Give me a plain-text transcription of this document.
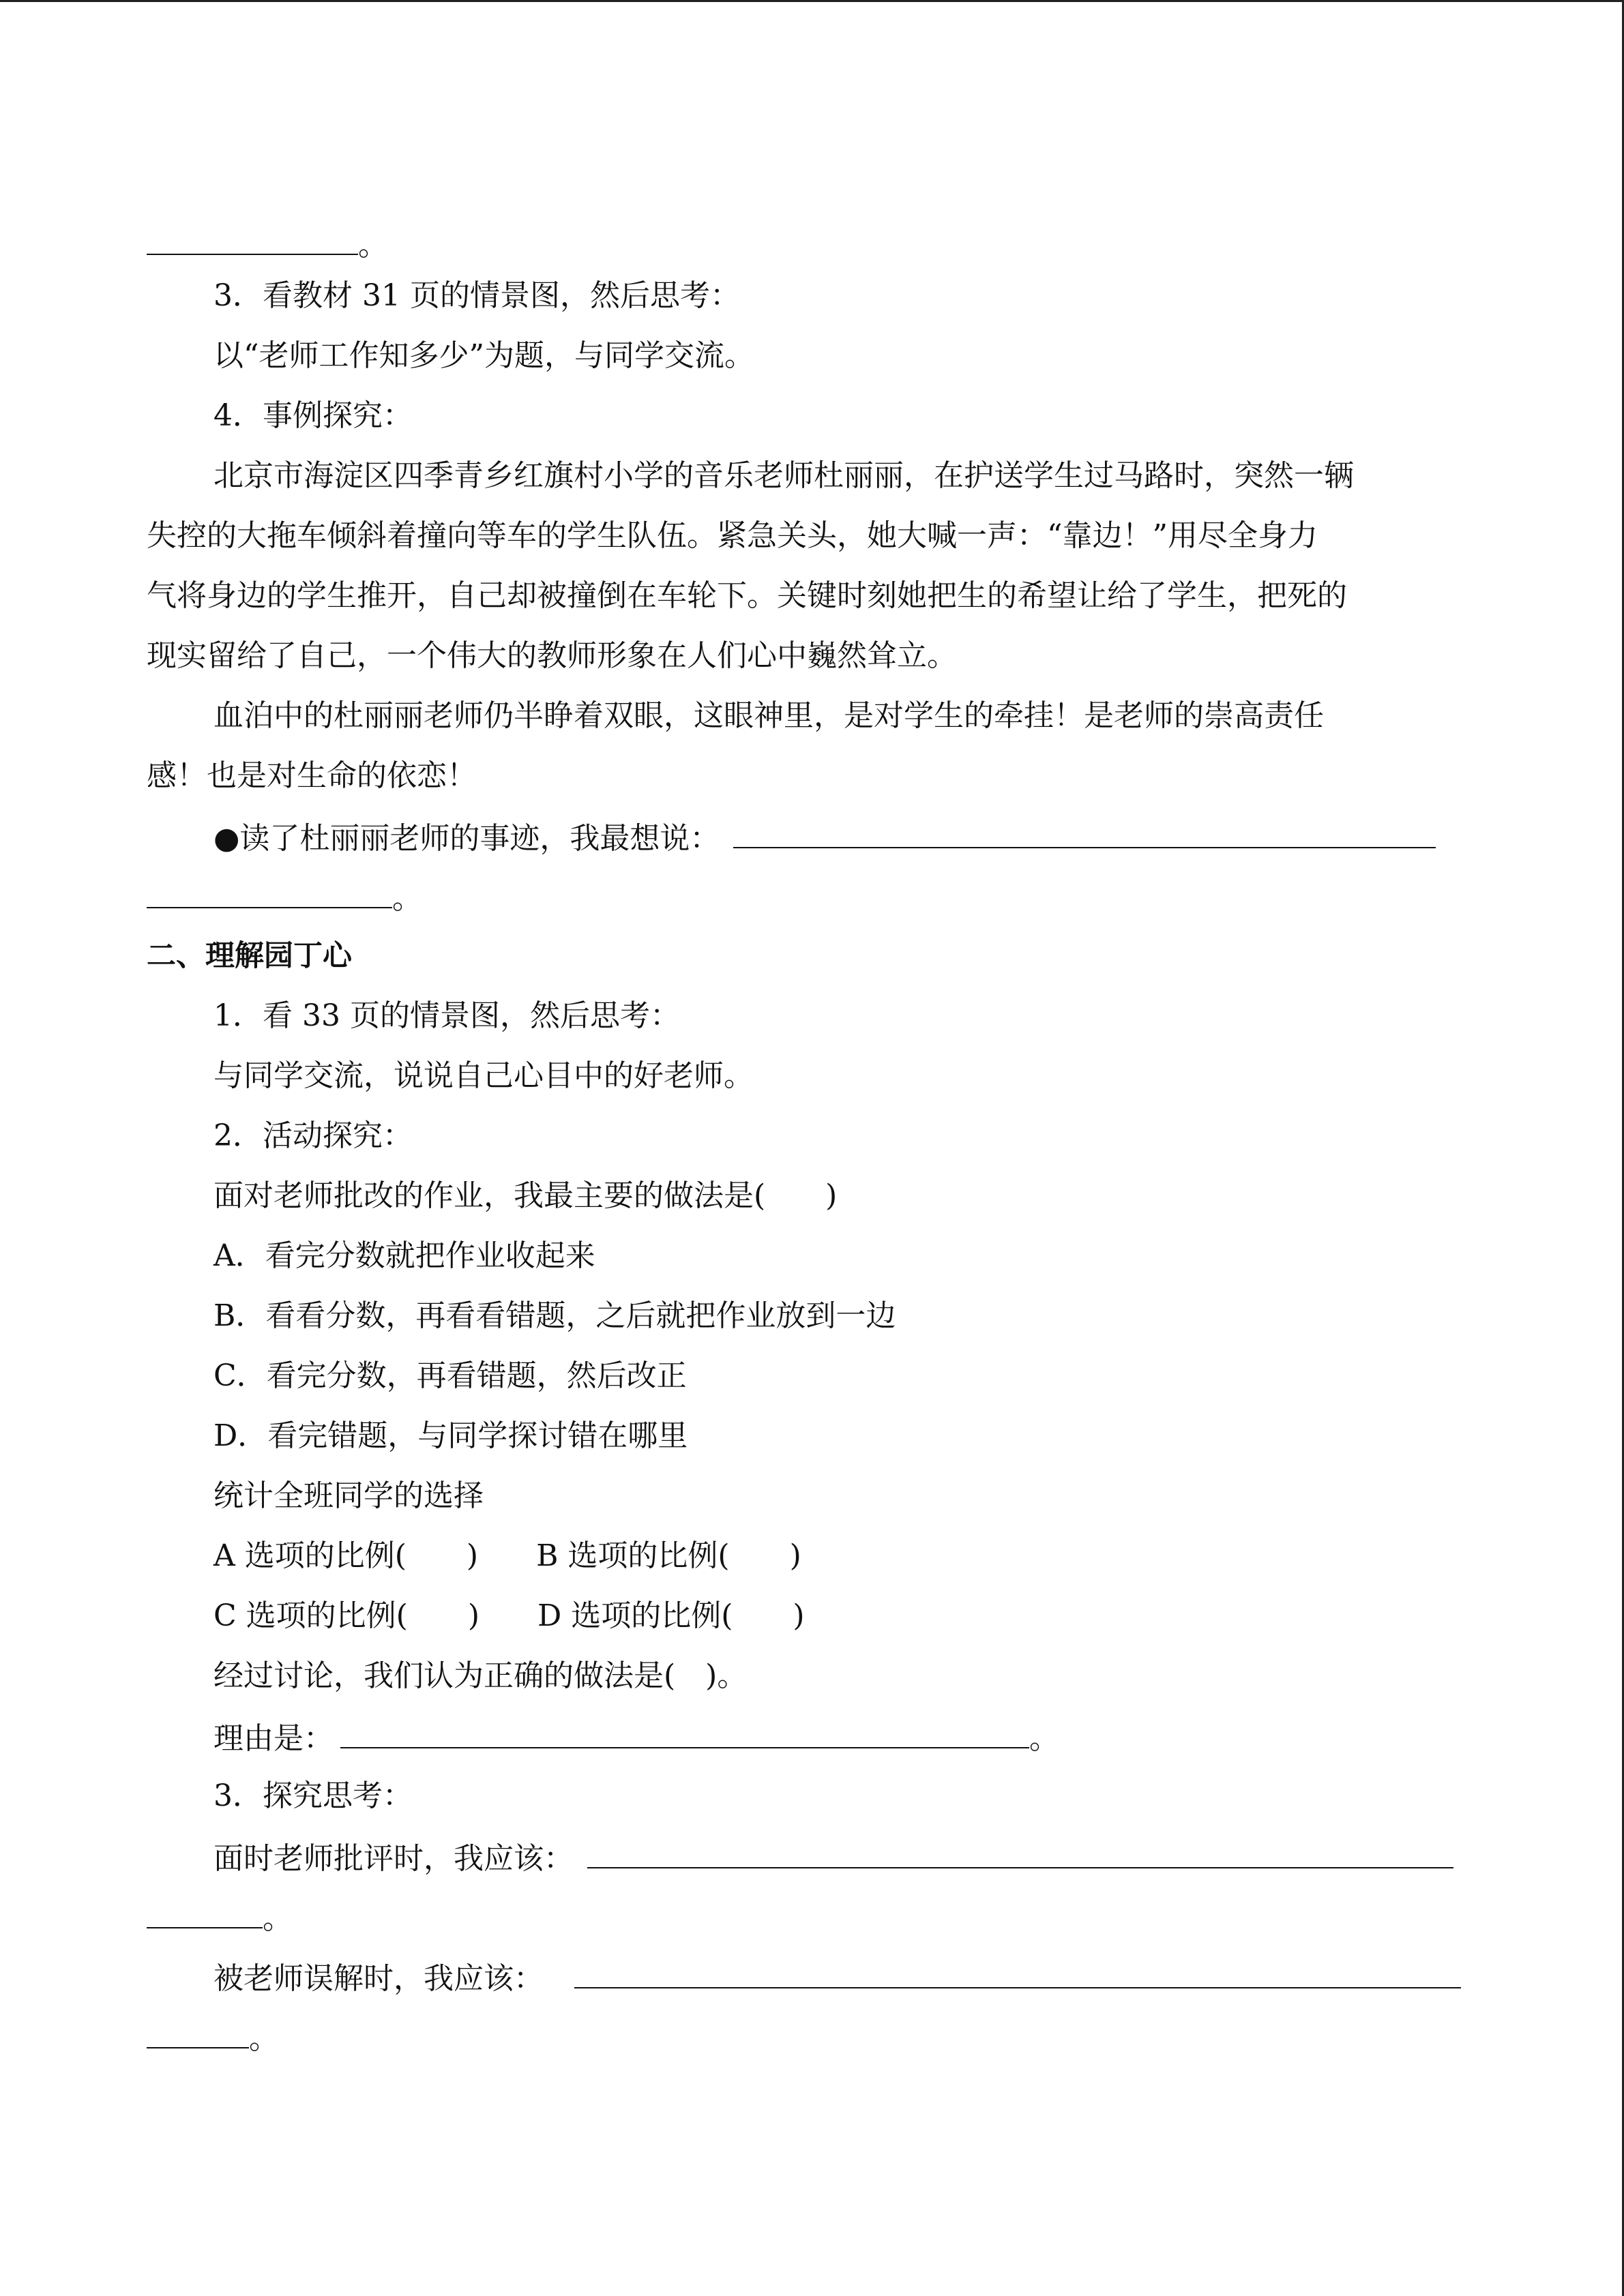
。
3．看教材 31 页的情景图，然后思考：
以“老师工作知多少”为题，与同学交流。
4．事例探究：
北京市海淀区四季青乡红旗村小学的音乐老师杜丽丽，在护送学生过马路时，突然一辆
失控的大拖车倾斜着撞向等车的学生队伍。紧急关头，她大喊一声：“靠边！”用尽全身力
气将身边的学生推开，自己却被撞倒在车轮下。关键时刻她把生的希望让给了学生，把死的
现实留给了自己，一个伟大的教师形象在人们心中巍然耸立。
血泊中的杜丽丽老师仍半睁着双眼，这眼神里，是对学生的牵挂！是老师的崇高责任
感！也是对生命的依恋！
●读了杜丽丽老师的事迹，我最想说：
。
二、理解园丁心
1．看 33 页的情景图，然后思考：
与同学交流，说说自己心目中的好老师。
2．活动探究：
面对老师批改的作业，我最主要的做法是(　　)
A．看完分数就把作业收起来
B．看看分数，再看看错题，之后就把作业放到一边
C．看完分数，再看错题，然后改正
D．看完错题，与同学探讨错在哪里
统计全班同学的选择
A 选项的比例(　　) B 选项的比例(　　)
C 选项的比例(　　) D 选项的比例(　　)
经过讨论，我们认为正确的做法是(　)。
理由是：	。
3．探究思考：
面时老师批评时，我应该：
。
被老师误解时，我应该：
。
